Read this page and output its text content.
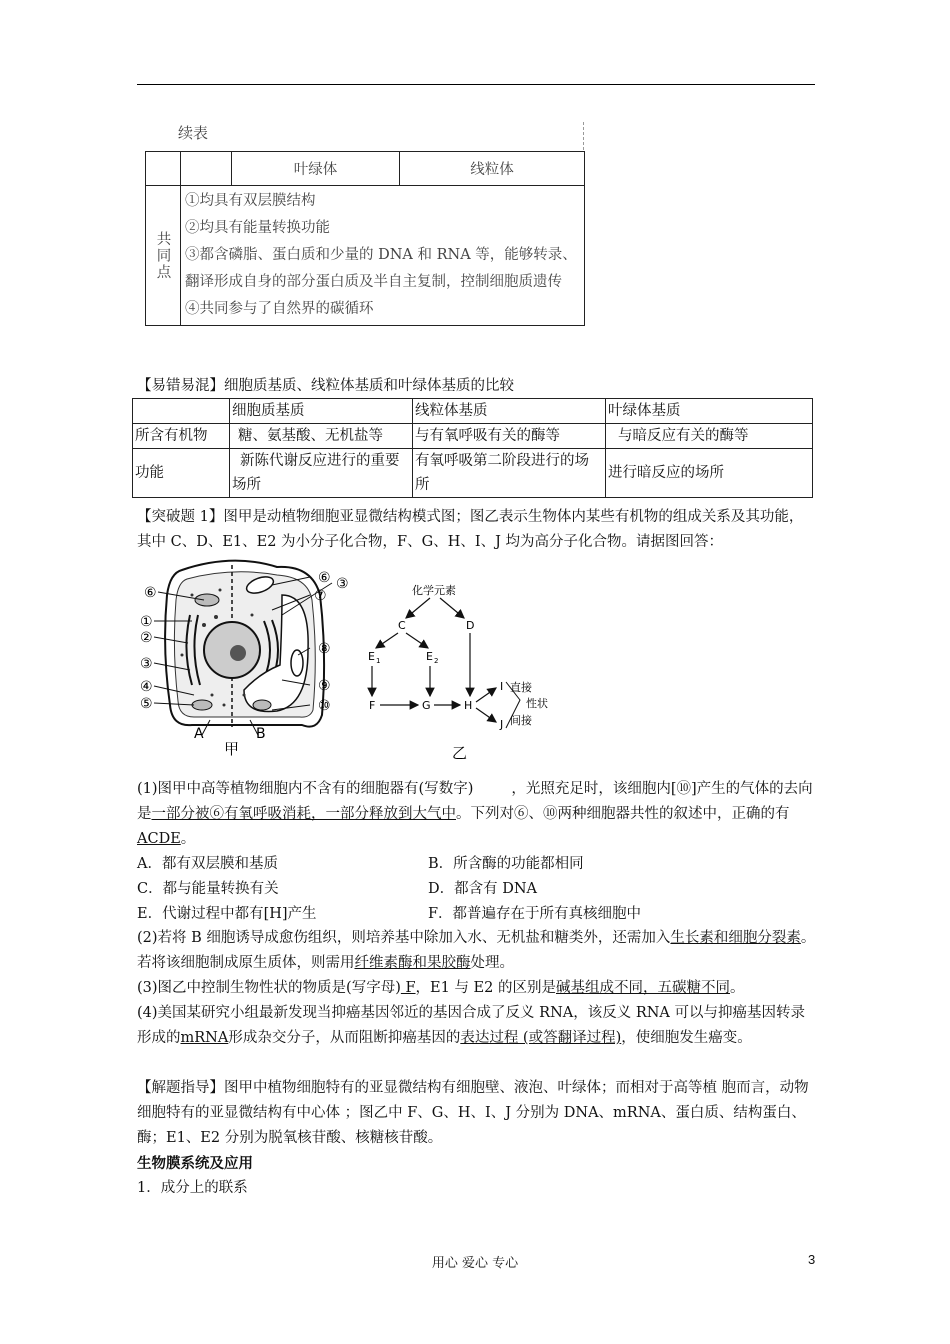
续表
		叶绿体	线粒体
共同点	①均具有双层膜结构
②均具有能量转换功能
③都含磷脂、蛋白质和少量的 DNA 和 RNA 等，能够转录、翻译形成自身的部分蛋白质及半自主复制，控制细胞质遗传
④共同参与了自然界的碳循环		
【易错易混】细胞质基质、线粒体基质和叶绿体基质的比较
	细胞质基质	线粒体基质	叶绿体基质
所含有机物	糖、氨基酸、无机盐等	与有氧呼吸有关的酶等	与暗反应有关的酶等
功能	新陈代谢反应进行的重要场所	有氧呼吸第二阶段进行的场所	进行暗反应的场所
【突破题 1】图甲是动植物细胞亚显微结构模式图；图乙表示生物体内某些有机物的组成关系及其功能，其中 C、D、E1、E2 为小分子化合物，F、G、H、I、J 均为高分子化合物。请据图回答：
⑥
①
②
③
④
⑤
⑥
⑦
③
⑧
⑨
⑩
A	B
甲
化学元素
C	D
E 1	E 2
F	G	H
I
J
直接
性状
间接
乙
(1)图甲中高等植物细胞内不含有的细胞器有(写数字)	，光照充足时，该细胞内[⑩]产生的气体的去向是一部分被⑥有氧呼吸消耗，一部分释放到大气中。下列对⑥、⑩两种细胞器共性的叙述中，正确的有ACDE。
A．都有双层膜和基质	B．所含酶的功能都相同
C．都与能量转换有关	D．都含有 DNA
E．代谢过程中都有[H]产生	F．都普遍存在于所有真核细胞中
(2)若将 B 细胞诱导成愈伤组织，则培养基中除加入水、无机盐和糖类外，还需加入生长素和细胞分裂素。若将该细胞制成原生质体，则需用纤维素酶和果胶酶处理。
(3)图乙中控制生物性状的物质是(写字母) F，E1 与 E2 的区别是碱基组成不同，五碳糖不同。
(4)美国某研究小组最新发现当抑癌基因邻近的基因合成了反义 RNA，该反义 RNA 可以与抑癌基因转录形成的mRNA形成杂交分子，从而阻断抑癌基因的表达过程 (或答翻译过程)，使细胞发生癌变。
【解题指导】图甲中植物细胞特有的亚显微结构有细胞壁、液泡、叶绿体；而相对于高等植 胞而言，动物细胞特有的亚显微结构有中心体 ；图乙中 F、G、H、I、J 分别为 DNA、mRNA、蛋白质、结构蛋白、酶；E1、E2 分别为脱氧核苷酸、核糖核苷酸。
生物膜系统及应用
1．成分上的联系
用心 爱心 专心	3
